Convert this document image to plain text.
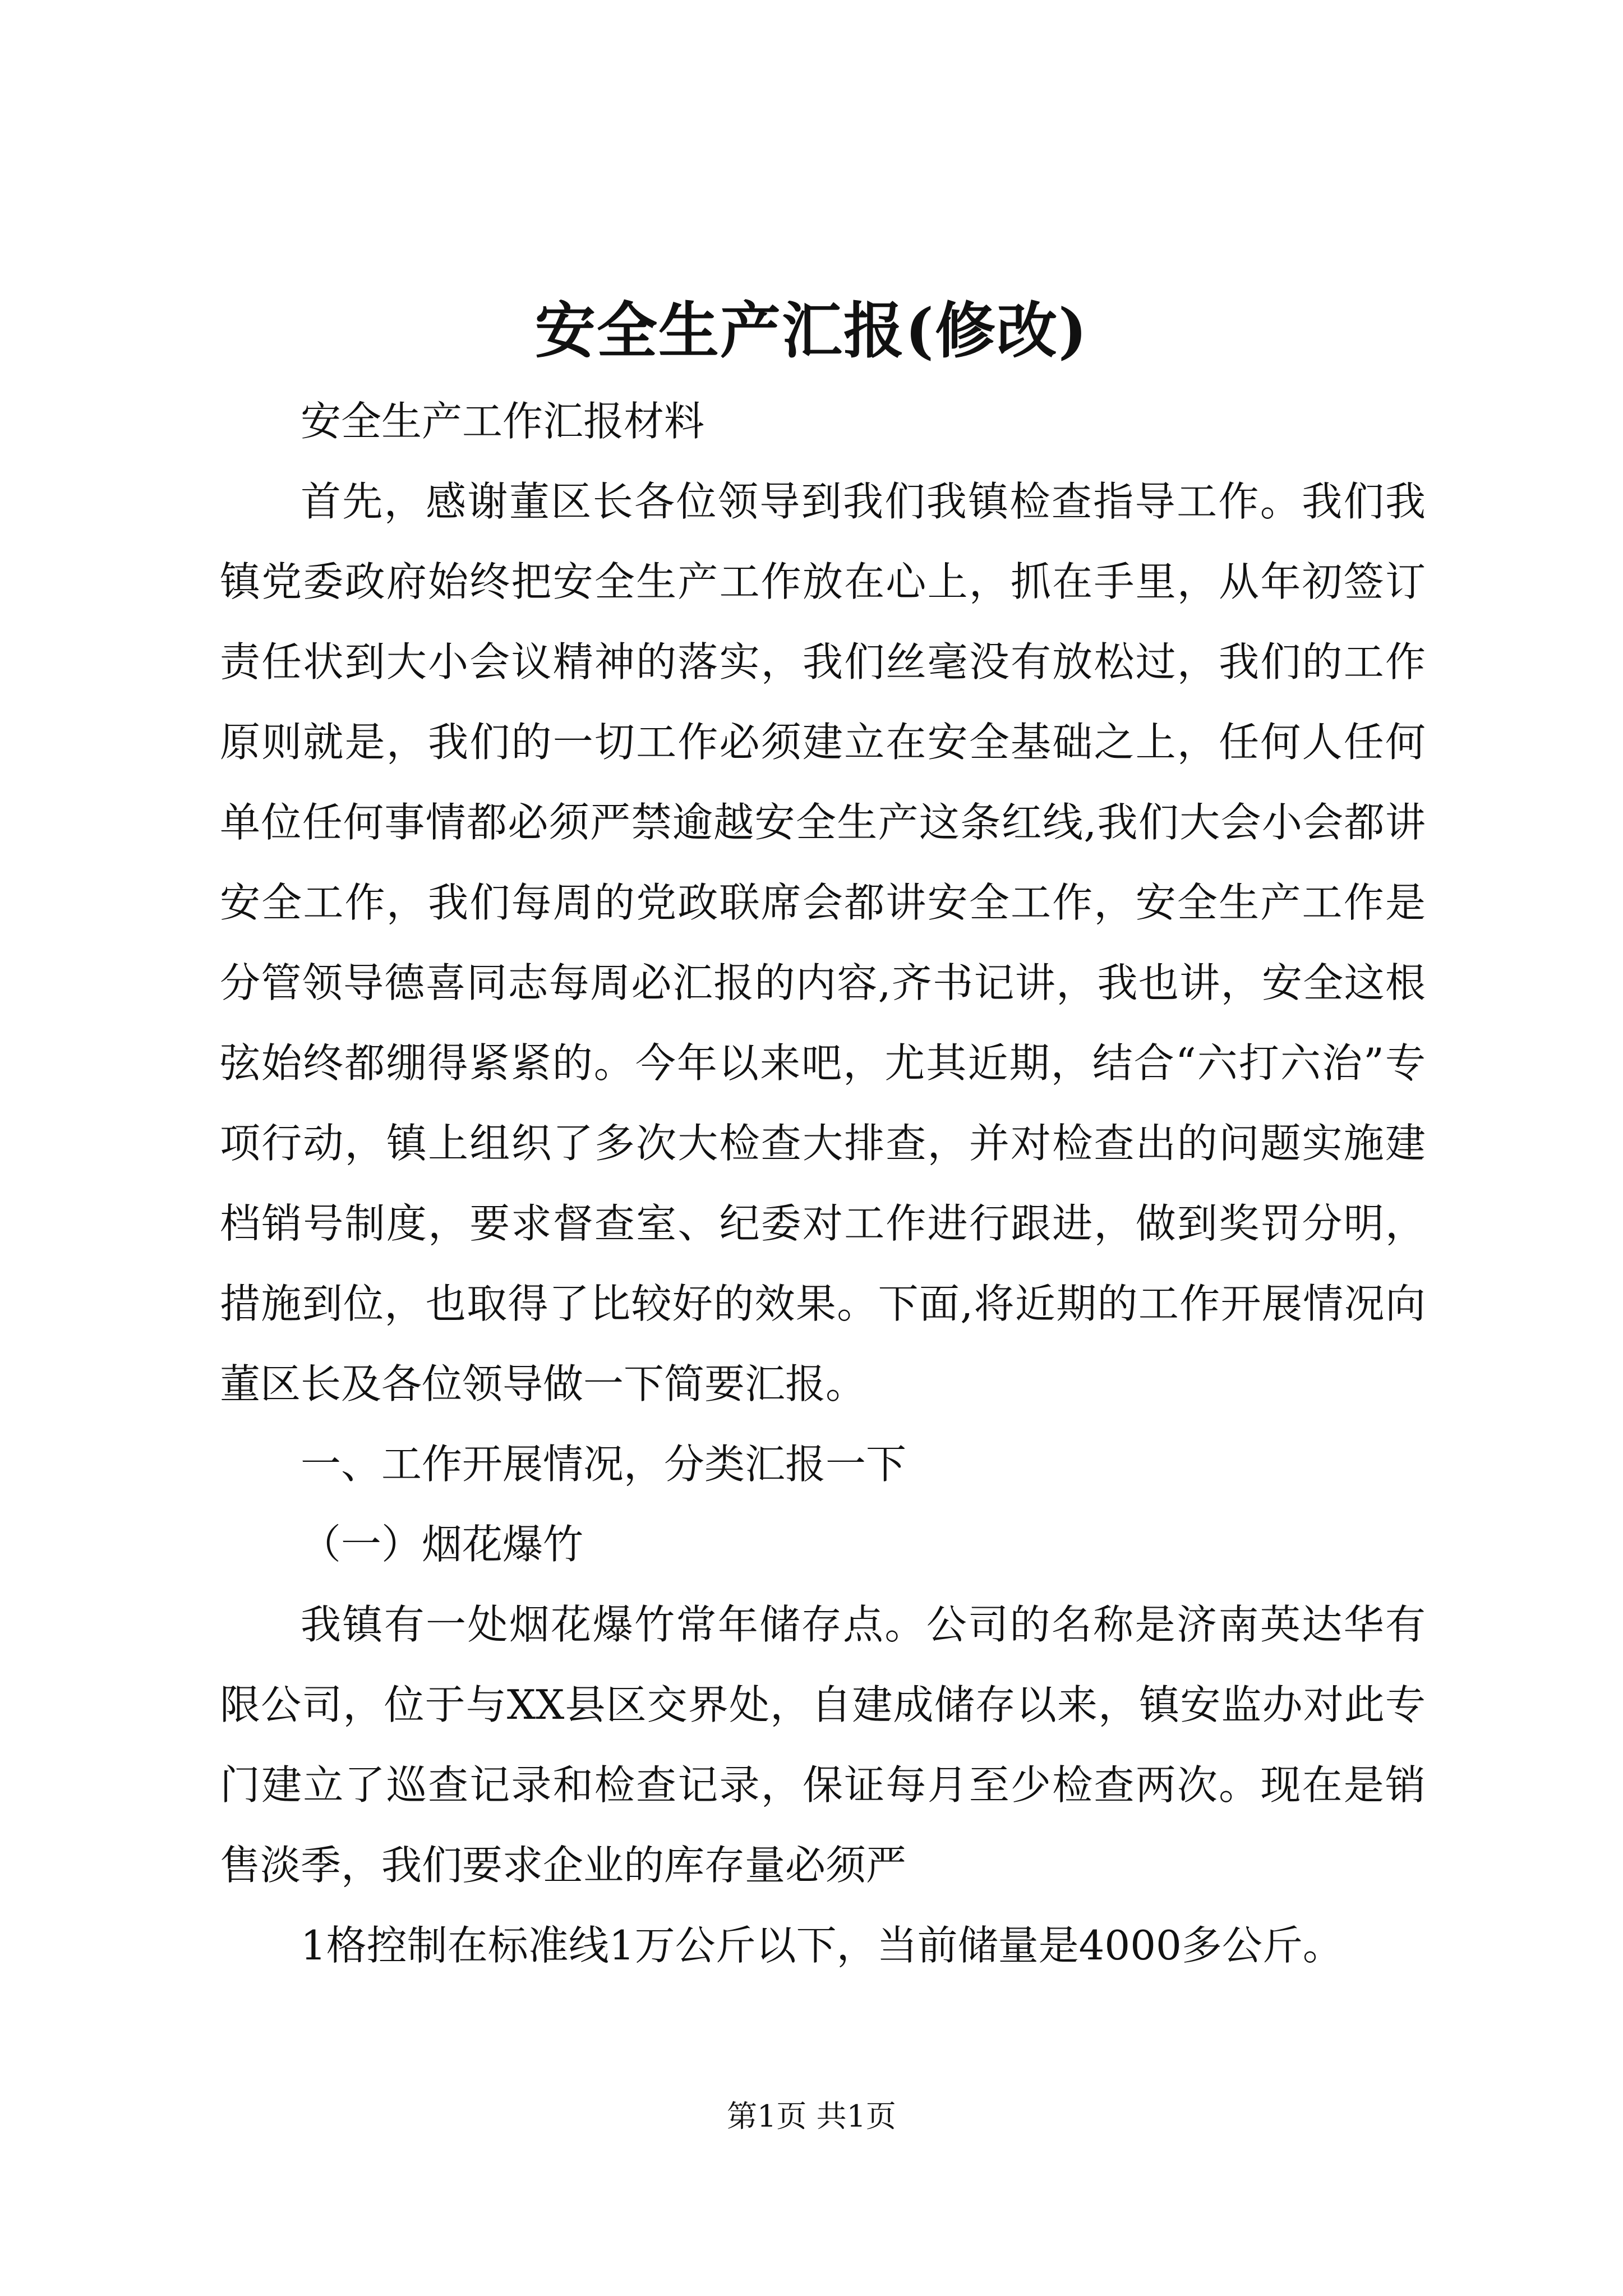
安全生产汇报(修改)

安全生产工作汇报材料

首先，感谢董区长各位领导到我们我镇检查指导工作。我们我镇党委政府始终把安全生产工作放在心上，抓在手里，从年初签订责任状到大小会议精神的落实，我们丝毫没有放松过，我们的工作原则就是，我们的一切工作必须建立在安全基础之上，任何人任何单位任何事情都必须严禁逾越安全生产这条红线,我们大会小会都讲安全工作，我们每周的党政联席会都讲安全工作，安全生产工作是分管领导德喜同志每周必汇报的内容,齐书记讲，我也讲，安全这根弦始终都绷得紧紧的。今年以来吧，尤其近期，结合“六打六治”专项行动，镇上组织了多次大检查大排查，并对检查出的问题实施建档销号制度，要求督查室、纪委对工作进行跟进，做到奖罚分明，措施到位，也取得了比较好的效果。下面,将近期的工作开展情况向董区长及各位领导做一下简要汇报。

一、工作开展情况，分类汇报一下

（一）烟花爆竹

我镇有一处烟花爆竹常年储存点。公司的名称是济南英达华有限公司，位于与XX县区交界处，自建成储存以来，镇安监办对此专门建立了巡查记录和检查记录，保证每月至少检查两次。现在是销售淡季，我们要求企业的库存量必须严

1格控制在标准线1万公斤以下，当前储量是4000多公斤。

第1页 共1页
